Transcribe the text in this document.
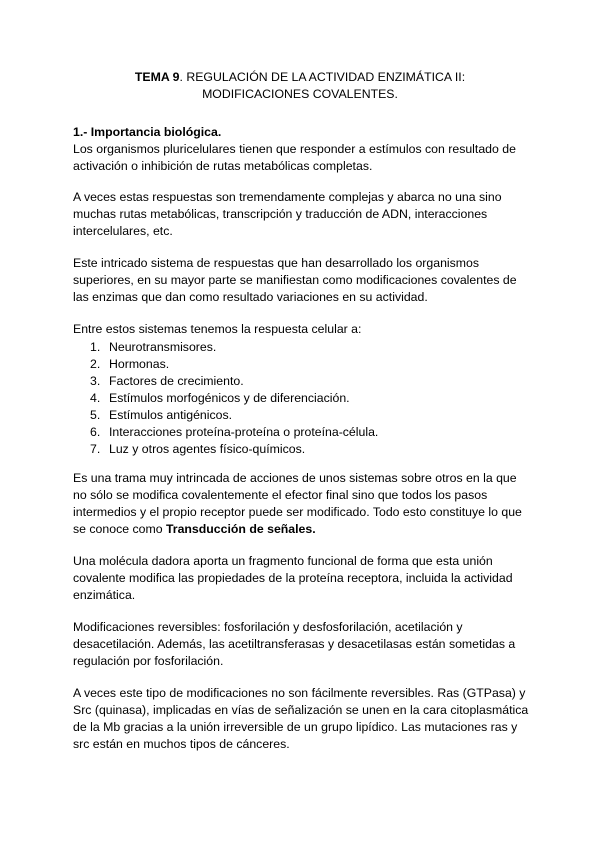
TEMA 9. REGULACIÓN DE LA ACTIVIDAD ENZIMÁTICA II:
MODIFICACIONES COVALENTES.
1.- Importancia biológica.
Los organismos pluricelulares tienen que responder a estímulos con resultado de activación o inhibición de rutas metabólicas completas.
A veces estas respuestas son tremendamente complejas y abarca no una sino muchas rutas metabólicas, transcripción y traducción de ADN, interacciones intercelulares, etc.
Este intricado sistema de respuestas que han desarrollado los organismos superiores, en su mayor parte se manifiestan como modificaciones covalentes de las enzimas que dan como resultado variaciones en su actividad.
Entre estos sistemas tenemos la respuesta celular a:
1. Neurotransmisores.
2. Hormonas.
3. Factores de crecimiento.
4. Estímulos morfogénicos y de diferenciación.
5. Estímulos antigénicos.
6. Interacciones proteína-proteína o proteína-célula.
7. Luz y otros agentes físico-químicos.
Es una trama muy intrincada de acciones de unos sistemas sobre otros en la que no sólo se modifica covalentemente el efector final sino que todos los pasos intermedios y el propio receptor puede ser modificado. Todo esto constituye lo que se conoce como Transducción de señales.
Una molécula dadora aporta un fragmento funcional de forma que esta unión covalente modifica las propiedades de la proteína receptora, incluida la actividad enzimática.
Modificaciones reversibles: fosforilación y desfosforilación, acetilación y desacetilación. Además, las acetiltransferasas y desacetilasas están sometidas a regulación por fosforilación.
A veces este tipo de modificaciones no son fácilmente reversibles. Ras (GTPasa) y Src (quinasa), implicadas en vías de señalización se unen en la cara citoplasmática de la Mb gracias a la unión irreversible de un grupo lipídico. Las mutaciones ras y src están en muchos tipos de cánceres.
